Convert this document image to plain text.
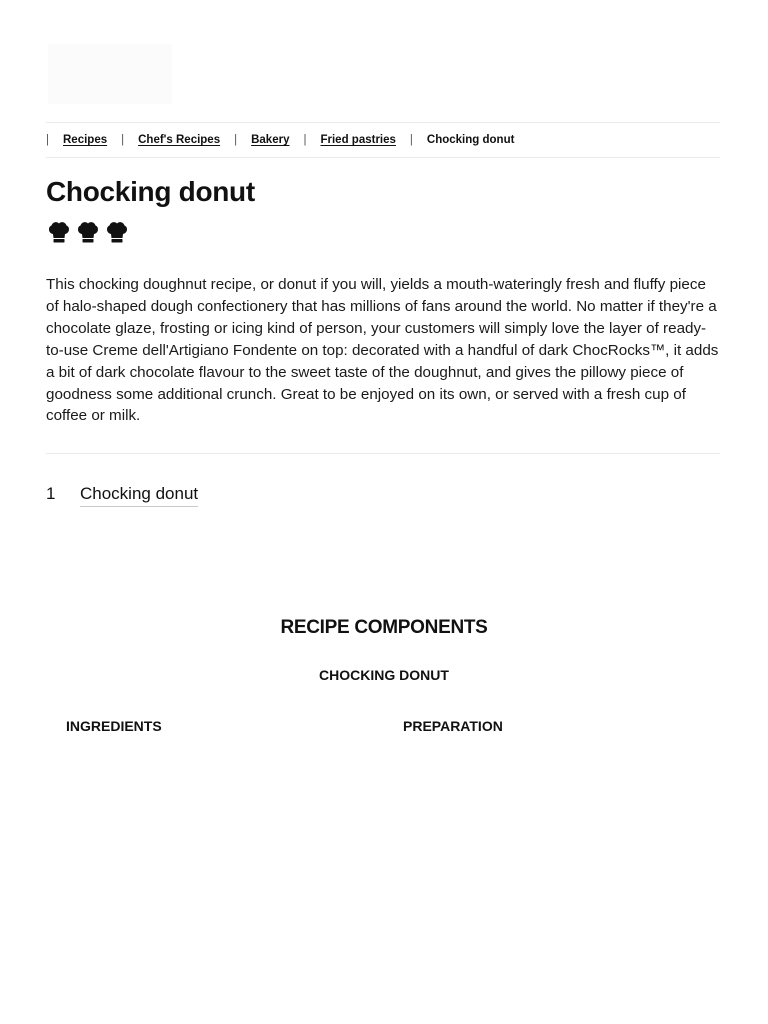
| Recipes | Chef's Recipes | Bakery | Fried pastries | Chocking donut
Chocking donut

This chocking doughnut recipe, or donut if you will, yields a mouth-wateringly fresh and fluffy piece of halo-shaped dough confectionery that has millions of fans around the world. No matter if they're a chocolate glaze, frosting or icing kind of person, your customers will simply love the layer of ready-to-use Creme dell'Artigiano Fondente on top: decorated with a handful of dark ChocRocks™, it adds a bit of dark chocolate flavour to the sweet taste of the doughnut, and gives the pillowy piece of goodness some additional crunch. Great to be enjoyed on its own, or served with a fresh cup of coffee or milk.

1	Chocking donut
RECIPE COMPONENTS
CHOCKING DONUT
INGREDIENTS	PREPARATION
